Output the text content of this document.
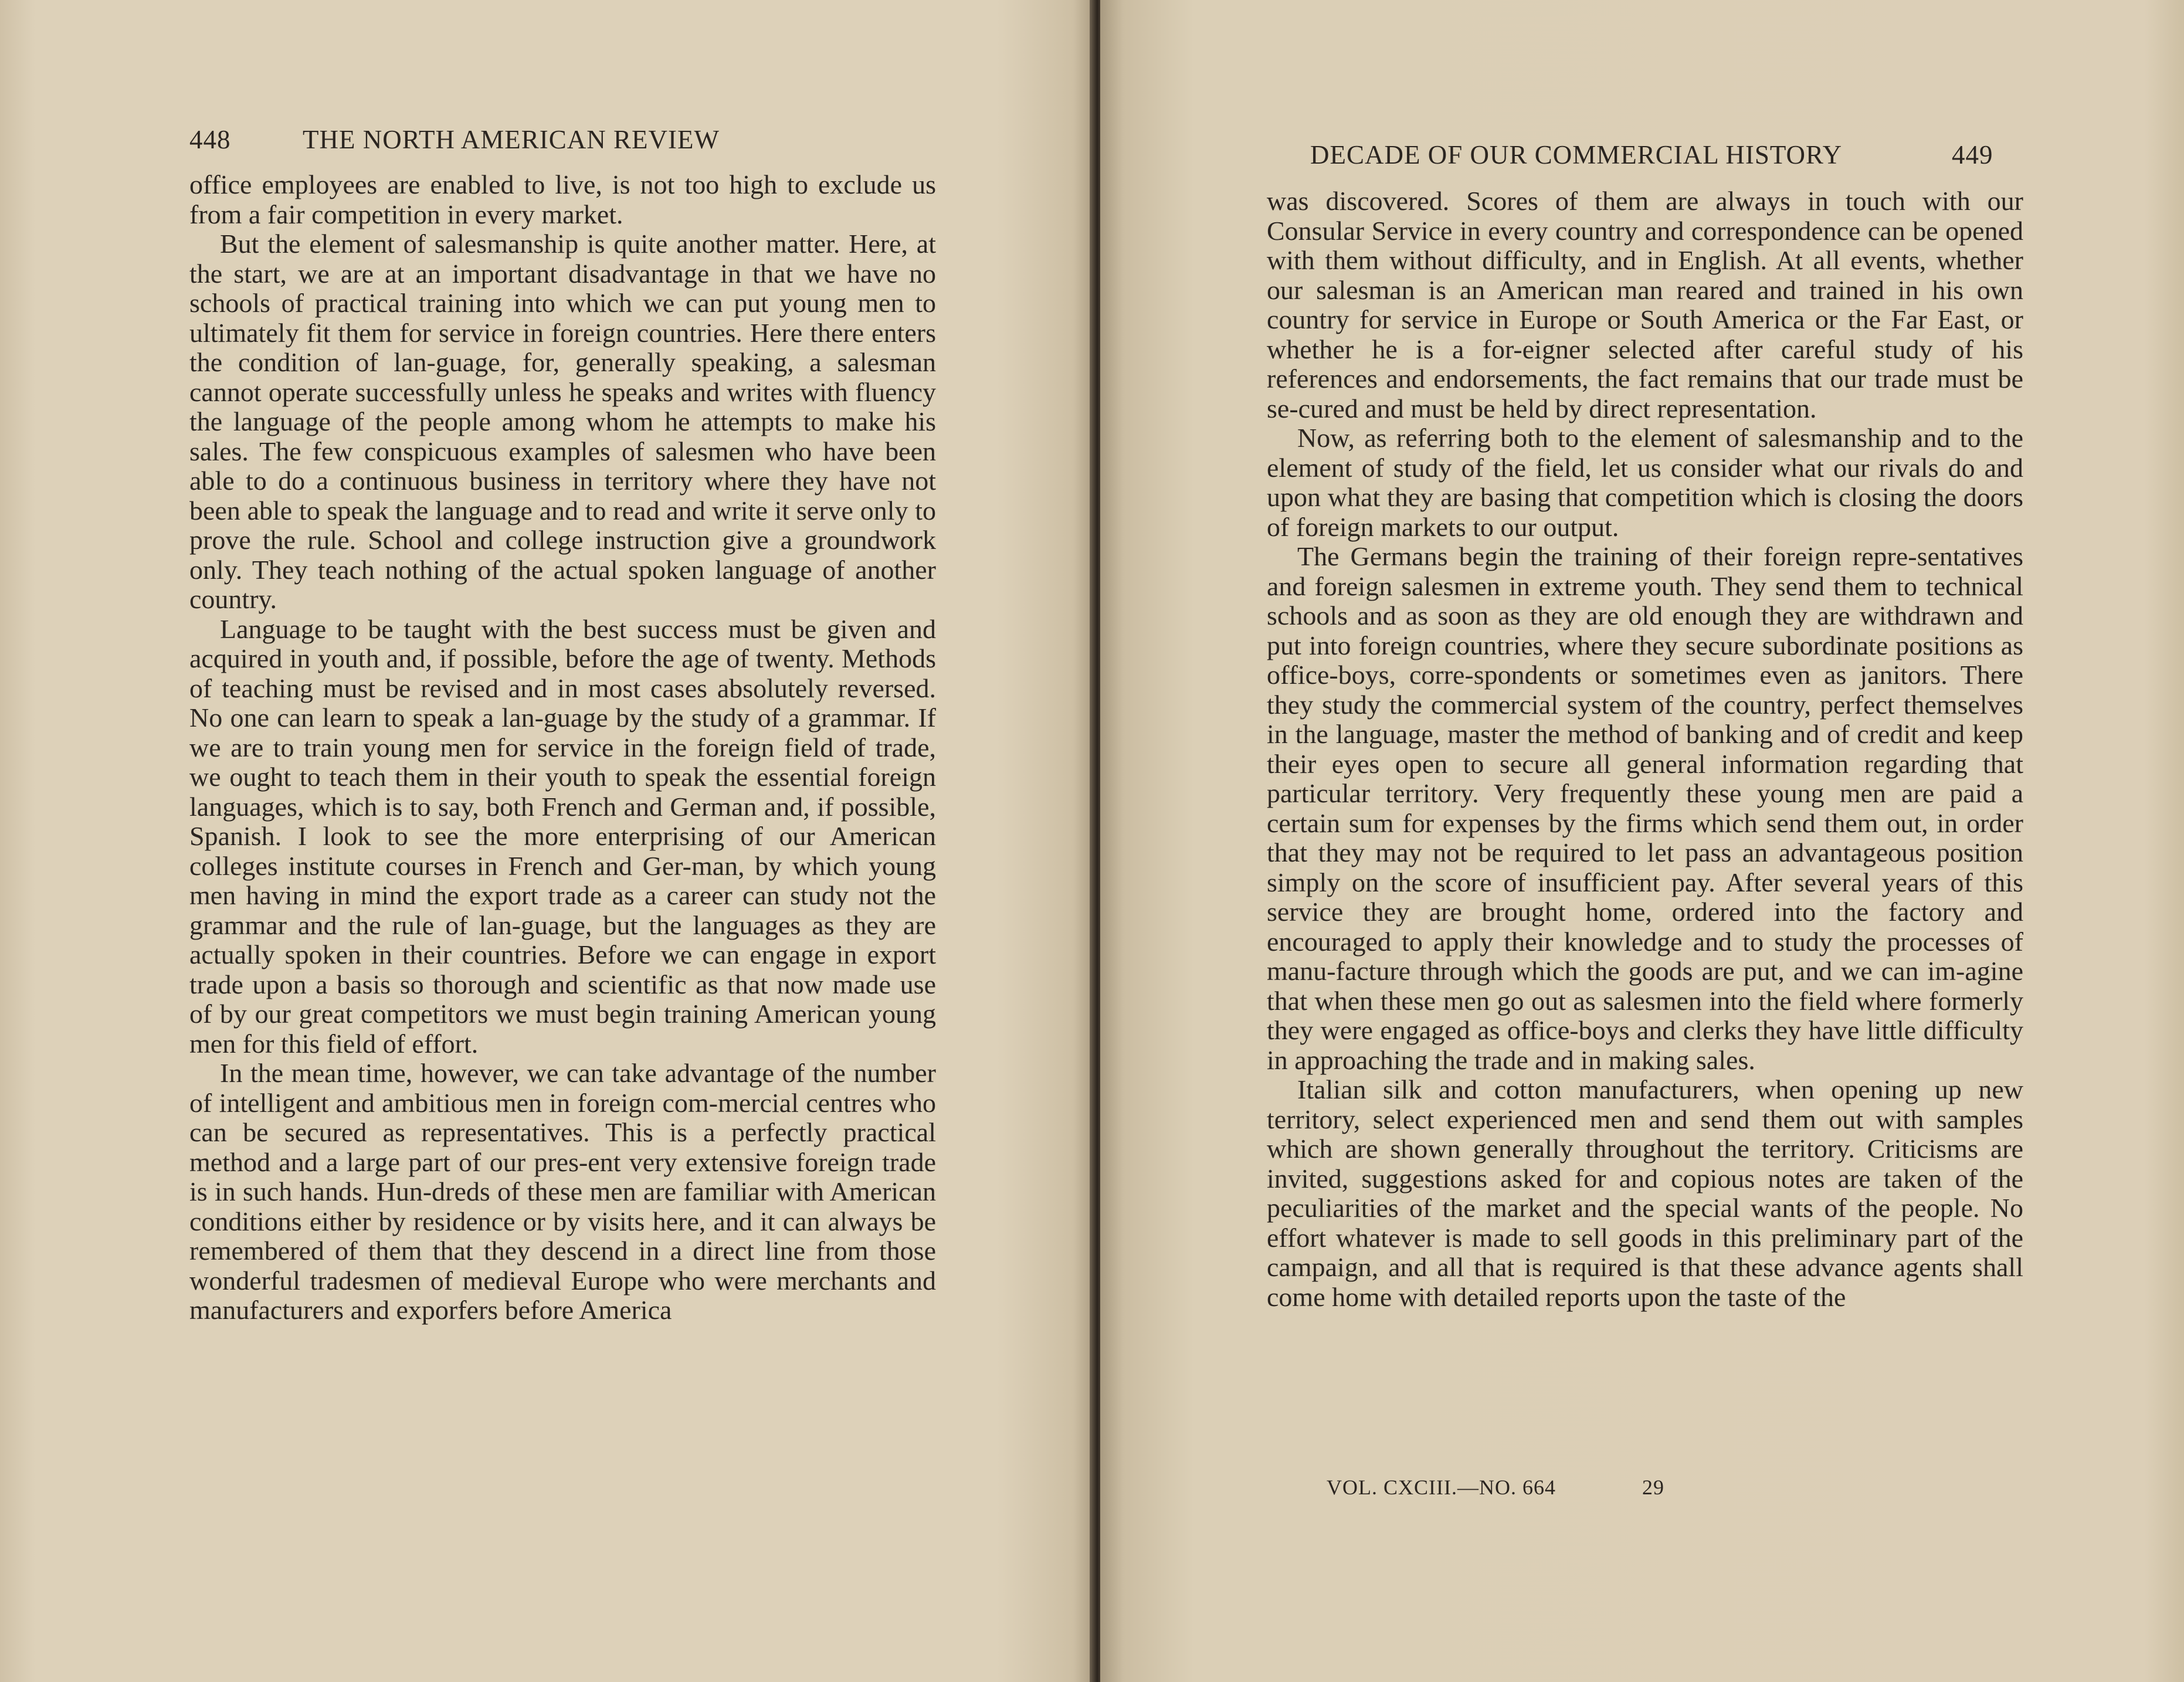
448	THE NORTH AMERICAN REVIEW

office employees are enabled to live, is not too high to exclude us from a fair competition in every market.

But the element of salesmanship is quite another matter. Here, at the start, we are at an important disadvantage in that we have no schools of practical training into which we can put young men to ultimately fit them for service in foreign countries. Here there enters the condition of lan-guage, for, generally speaking, a salesman cannot operate successfully unless he speaks and writes with fluency the language of the people among whom he attempts to make his sales. The few conspicuous examples of salesmen who have been able to do a continuous business in territory where they have not been able to speak the language and to read and write it serve only to prove the rule. School and college instruction give a groundwork only. They teach nothing of the actual spoken language of another country.

Language to be taught with the best success must be given and acquired in youth and, if possible, before the age of twenty. Methods of teaching must be revised and in most cases absolutely reversed. No one can learn to speak a lan-guage by the study of a grammar. If we are to train young men for service in the foreign field of trade, we ought to teach them in their youth to speak the essential foreign languages, which is to say, both French and German and, if possible, Spanish. I look to see the more enterprising of our American colleges institute courses in French and Ger-man, by which young men having in mind the export trade as a career can study not the grammar and the rule of lan-guage, but the languages as they are actually spoken in their countries. Before we can engage in export trade upon a basis so thorough and scientific as that now made use of by our great competitors we must begin training American young men for this field of effort.

In the mean time, however, we can take advantage of the number of intelligent and ambitious men in foreign com-mercial centres who can be secured as representatives. This is a perfectly practical method and a large part of our pres-ent very extensive foreign trade is in such hands. Hun-dreds of these men are familiar with American conditions either by residence or by visits here, and it can always be remembered of them that they descend in a direct line from those wonderful tradesmen of medieval Europe who were merchants and manufacturers and exporfers before America

DECADE OF OUR COMMERCIAL HISTORY	449

was discovered. Scores of them are always in touch with our Consular Service in every country and correspondence can be opened with them without difficulty, and in English. At all events, whether our salesman is an American man reared and trained in his own country for service in Europe or South America or the Far East, or whether he is a for-eigner selected after careful study of his references and endorsements, the fact remains that our trade must be se-cured and must be held by direct representation.

Now, as referring both to the element of salesmanship and to the element of study of the field, let us consider what our rivals do and upon what they are basing that competition which is closing the doors of foreign markets to our output.

The Germans begin the training of their foreign repre-sentatives and foreign salesmen in extreme youth. They send them to technical schools and as soon as they are old enough they are withdrawn and put into foreign countries, where they secure subordinate positions as office-boys, corre-spondents or sometimes even as janitors. There they study the commercial system of the country, perfect themselves in the language, master the method of banking and of credit and keep their eyes open to secure all general information regarding that particular territory. Very frequently these young men are paid a certain sum for expenses by the firms which send them out, in order that they may not be required to let pass an advantageous position simply on the score of insufficient pay. After several years of this service they are brought home, ordered into the factory and encouraged to apply their knowledge and to study the processes of manu-facture through which the goods are put, and we can im-agine that when these men go out as salesmen into the field where formerly they were engaged as office-boys and clerks they have little difficulty in approaching the trade and in making sales.

Italian silk and cotton manufacturers, when opening up new territory, select experienced men and send them out with samples which are shown generally throughout the territory. Criticisms are invited, suggestions asked for and copious notes are taken of the peculiarities of the market and the special wants of the people. No effort whatever is made to sell goods in this preliminary part of the campaign, and all that is required is that these advance agents shall come home with detailed reports upon the taste of the

VOL. CXCIII.—NO. 664	29
